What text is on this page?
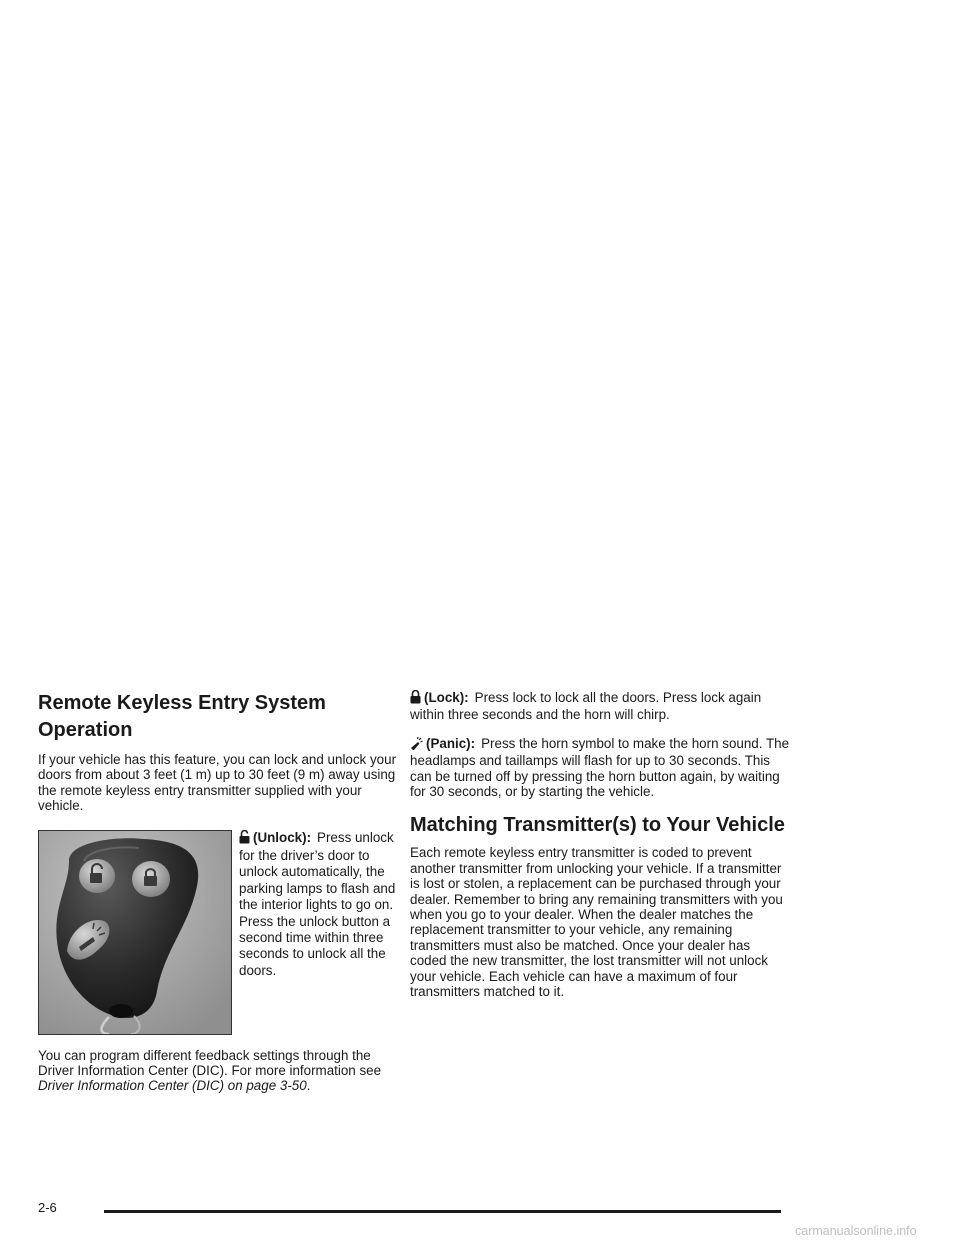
Remote Keyless Entry System Operation

If your vehicle has this feature, you can lock and unlock your doors from about 3 feet (1 m) up to 30 feet (9 m) away using the remote keyless entry transmitter supplied with your vehicle.

(Unlock): Press unlock for the driver’s door to unlock automatically, the parking lamps to flash and the interior lights to go on. Press the unlock button a second time within three seconds to unlock all the doors.

You can program different feedback settings through the Driver Information Center (DIC). For more information see Driver Information Center (DIC) on page 3-50.

(Lock): Press lock to lock all the doors. Press lock again within three seconds and the horn will chirp.

(Panic): Press the horn symbol to make the horn sound. The headlamps and taillamps will flash for up to 30 seconds. This can be turned off by pressing the horn button again, by waiting for 30 seconds, or by starting the vehicle.

Matching Transmitter(s) to Your Vehicle

Each remote keyless entry transmitter is coded to prevent another transmitter from unlocking your vehicle. If a transmitter is lost or stolen, a replacement can be purchased through your dealer. Remember to bring any remaining transmitters with you when you go to your dealer. When the dealer matches the replacement transmitter to your vehicle, any remaining transmitters must also be matched. Once your dealer has coded the new transmitter, the lost transmitter will not unlock your vehicle. Each vehicle can have a maximum of four transmitters matched to it.

2-6
carmanualsonline.info
